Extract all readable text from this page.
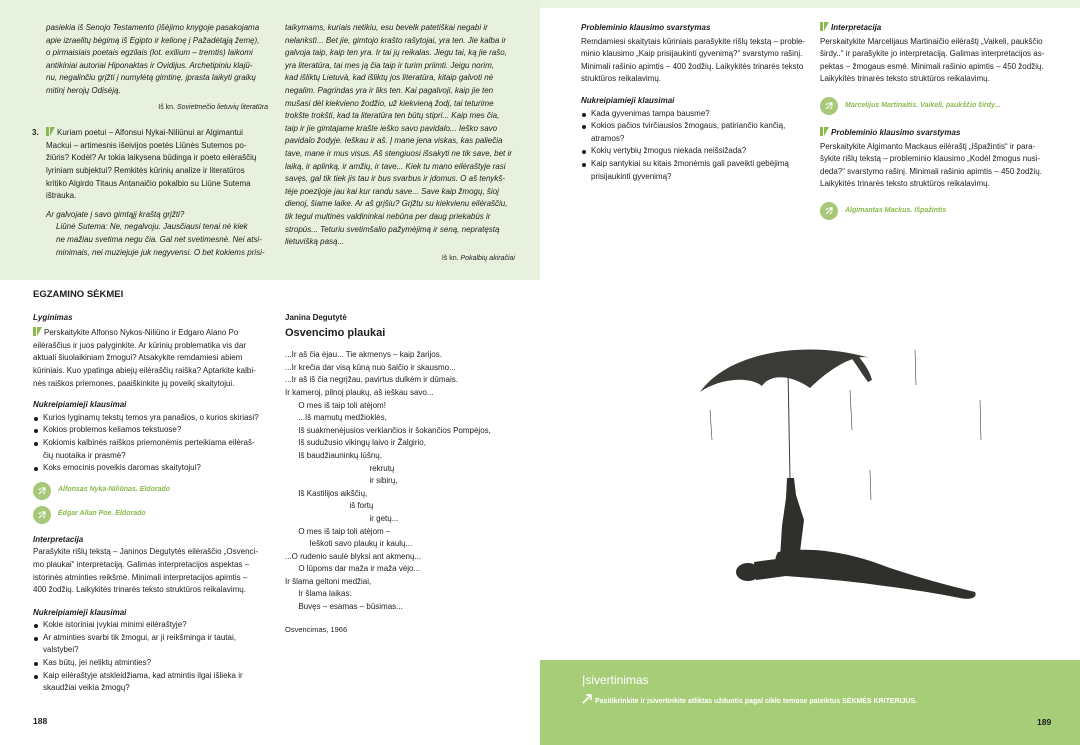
pasiekia iš Senojo Testamento (išėjimo knygoje pasakojama
apie izraelitų bėgimą iš Egipto ir kelionę į Pažadėtąją žemę),
o pirmaisiais poetais egzilais (lot. exilium – tremtis) laikomi
antikiniai autoriai Hiponaktas ir Ovidijus. Archetipiniu klajū-
nu, negalinčiu grįžti į numylėtą gimtinę, įprasta laikyti graikų
mitinį herojų Odisėją.
Iš kn. Sovietmečio lietuvių literatūra
3.	Kuriam poetui – Alfonsui Nykai-Niliūnui ar Algimantui
Mackui – artimesnis išeivijos poetės Liūnės Sutemos po-
žiūris? Kodėl? Ar tokia laikysena būdinga ir poeto eilėraščių
lyriniam subjektui? Remkitės kūrinių analize ir literatūros
kritiko Algirdo Titaus Antanaičio pokalbio su Liūne Sutema
ištrauka.
Ar galvojate į savo gimtąjį kraštą grįžti?
Liūnė Sutema: Ne, negalvoju. Jausčiausi tenai nė kiek
ne mažiau svetima negu čia. Gal net svetimesnė. Nei atsi-
minimais, nei muziejuje juk negyvensi. O bet kokiems prisi-
taikymams, kuriais netikiu, esu bevelk patetiškai negabi ir
nelankstì... Bet jie, gimtojo krašto rašytojai, yra ten. Jie kalba ir
galvoja taip, kaip ten yra. Ir tai jų reikalas. Jiegu tai, ką jie rašo,
yra literatūra, tai mes ją čia taip ir turim priimti. Jeigu norim,
kad išliktų Lietuvà, kad išliktų jos literatūra, kitaip galvoti nė
negalim. Pagrindas yra ir liks ten. Kai pagalvoji, kaip jie ten
mušasi dėl kiekvieno žodžio, už kiekvieną žodį, tai teturime
trokšte trokšti, kad ta literatūra ten būtų stipri... Kaip mes čia,
taip ir jie gimtajame krašte ieško savo pavidalo... Ieško savo
pavidalo žodyje. Ieškau ir aš. Į mane jena viskas, kas paliečia
tave, mane ir mus visus. Aš stengiuosi išsakyti ne tik save, bet ir
laiką, ir aplinką, ir amžių, ir tave... Kiek tu mano eilėraštyje rasi
savęs, gal tik tiek jis tau ir bus svarbus ir įdomus. O aš tenykš-
tėje poezijoje jau kai kur randu save... Save kaip žmogų, šioj
dienoj, šiame laike. Ar aš grįšiu? Grįžtu su kiekvienu eilėraščiu,
tik tegul multinės valdininkai nebūna per daug priekabùs ir
stropùs... Teturiu svetimšalio pažymėjimą ir seną, nepratęstą
lietuvišką pasą...
Iš kn. Pokalbių akiračiai
EGZAMINO SĖKMEI
Lyginimas
Perskaitykite Alfonso Nykos-Niliūno ir Edgaro Alano Po
eilėraščius ir juos palyginkite. Ar kūrinių problematika vis dar
aktuali šiuolaikiniam žmogui? Atsakykite remdamiesi abiem
kūriniais. Kuo ypatinga abiejų eilėraščių raiška? Aptarkite kalbi-
nės raiškos priemones, paaiškinkite jų poveikį skaitytojui.
Nukreipiamieji klausimai
Kurios lyginamų tekstų temos yra panašios, o kurios skiriasi?
Kokios problemos keliamos tekstuose?
Kokiomis kalbinės raiškos priemonėmis perteikiama eilėraš-
čių nuotaika ir prasmė?
Koks emocinis poveikis daromas skaitytojui?
Alfonsas Nyka-Niliūnas. Eldorado
Edgar Allan Poe. Eldorado
Interpretacija
Parašykite rišlų tekstą – Janinos Degutytės eilėraščio „Osvenci-
mo plaukai“ interpretaciją. Galimas interpretacijos aspektas –
istorinės atminties reikšmė. Minimali interpretacijos apimtis –
400 žodžių. Laikykitės trinarės teksto struktūros reikalavimų.
Nukreipiamieji klausimai
Kokie istoriniai įvykiai minimi eilėraštyje?
Ar atminties svarbi tik žmogui, ar ji reikšminga ir tautai,
valstybei?
Kas būtų, jei neliktų atminties?
Kaip eilėraštyje atskleidžiama, kad atmintis ilgai išlieka ir
skaudžiai veikia žmogų?
Janina Degutytė
Osvencimo plaukai
...Ir aš čia ėjau... Tie akmenys – kaip žarijos.
...Ir krečia dar visą kūną nuo šalčio ir skausmo...
...Ir aš iš čia negrįžau, pavirtus dulkėm ir dūmais.
Ir kameroj, pilnoj plaukų, aš ieškau savo...
O mes iš taip toli atėjom!
...Iš mamutų medžioklės,
Iš suakmenėjusios verkiančios ir šokančios Pompėjos,
Iš sudužusio vikingų laivo ir Žalgirio,
Iš baudžiauninkų lūšnų,
rekrutų
ir sibirų,
Iš Kastilijos aikščių,
iš fortų
ir getų...
O mes iš taip toli atėjom –
Ieškoti savo plaukų ir kaulų...
...O rudenio saulė blyksi ant akmenų...
O lūpoms dar maža ir maža vėjo...
Ir šlama geltoni medžiai,
Ir šlama laikas:
Buvęs – esamas – būsimas...
Osvencimas, 1966
188
Probleminio klausimo svarstymas
Remdamiesi skaitytais kūriniais parašykite rišlų tekstą – proble-
minio klausimo „Kaip prisijaukinti gyvenimą?“ svarstymo rašinį.
Minimali rašinio apimtis – 400 žodžių. Laikykitės trinarės teksto
struktūros reikalavimų.
Nukreipiamieji klausimai
Kada gyvenimas tampa bausme?
Kokios pačios tvirčiausios žmogaus, patiriančio kančią,
atramos?
Kokių vertybių žmogus niekada neišsižada?
Kaip santykiai su kitais žmonėmis gali paveikti gebėjimą
prisijaukinti gyvenimą?
Interpretacija
Perskaitykite Marcelijaus Martinaičio eilėraštį „Vaikeli, paukščio
širdy..“ ir parašykite jo interpretaciją. Galimas interpretacijos as-
pektas – žmogaus esmė. Minimali rašinio apimtis – 450 žodžių.
Laikykitės trinarės teksto struktūros reikalavimų.
Marcelijus Martinaitis. Vaikeli, paukščio širdy...
Probleminio klausimo svarstymas
Perskaitykite Algimanto Mackaus eilėraštį „Išpažintis“ ir para-
šykite rišlų tekstą – probleminio klausimo „Kodėl žmogus nusi-
deda?“ svarstymo rašinį. Minimali rašinio apimtis – 450 žodžių.
Laikykitės trinarės teksto struktūros reikalavimų.
Algimantas Mackus. Išpažintis
Įsivertinimas
Pasitikrinkite ir įsivertinkite atliktas užduotis pagal ciklo temose pateiktus SĖKMĖS KRITERIJUS.
189
